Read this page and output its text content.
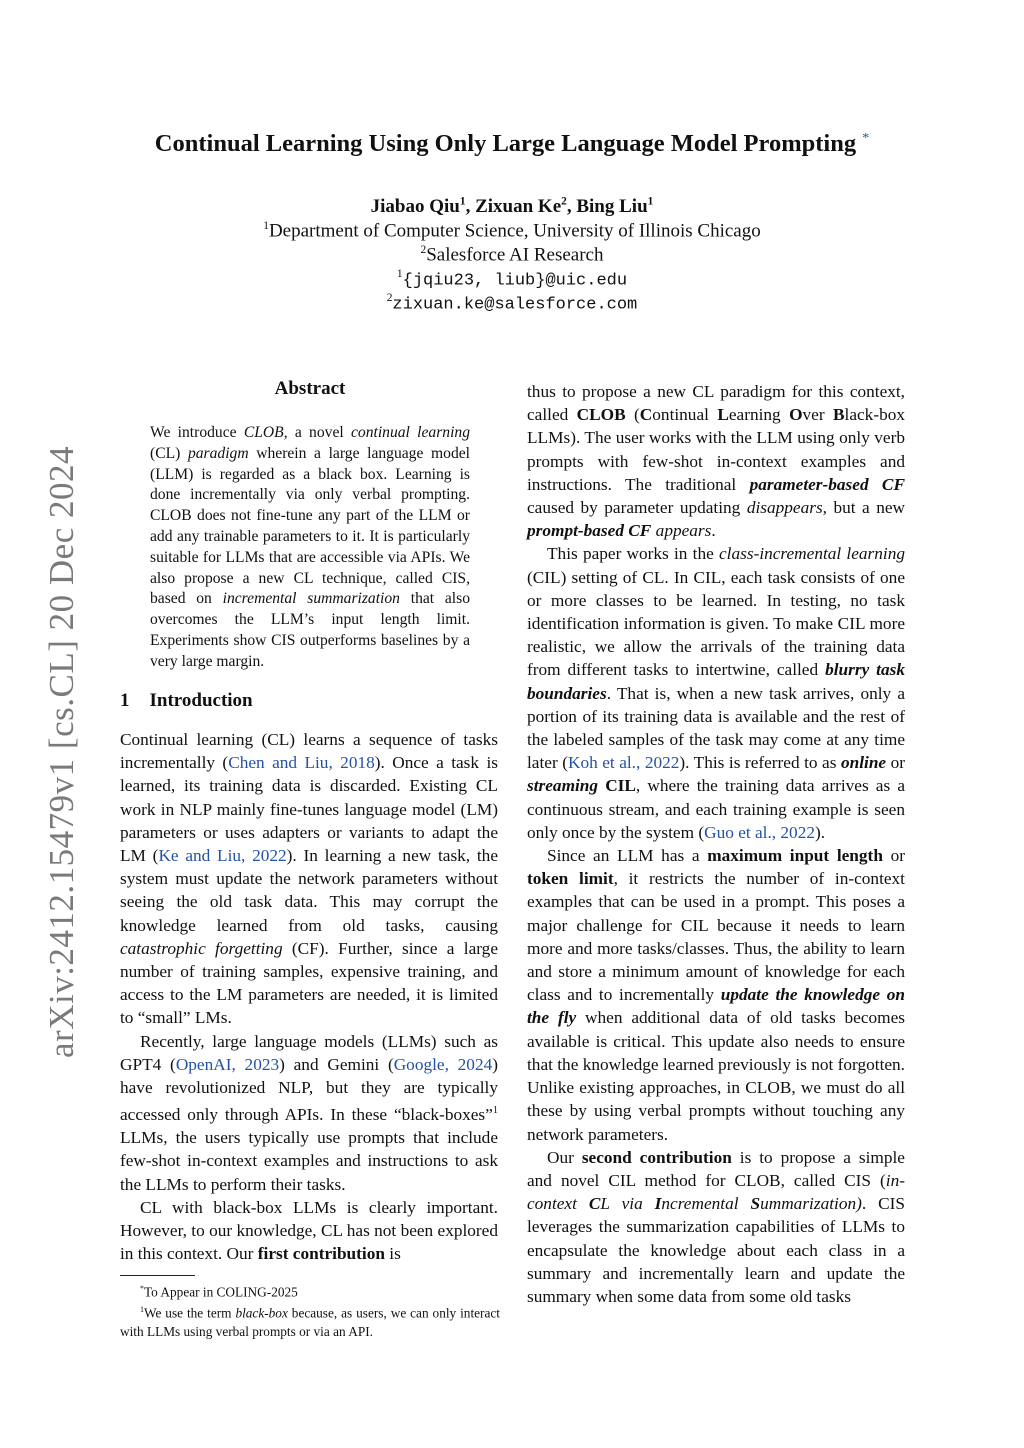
arXiv:2412.15479v1 [cs.CL] 20 Dec 2024
Continual Learning Using Only Large Language Model Prompting *
Jiabao Qiu$^1$, Zixuan Ke$^2$, Bing Liu$^1$
$^1$Department of Computer Science, University of Illinois Chicago
$^2$Salesforce AI Research
$^1${jqiu23, liub}@uic.edu
$^2$zixuan.ke@salesforce.com
Abstract

We introduce CLOB, a novel continual learning (CL) paradigm wherein a large language model (LLM) is regarded as a black box. Learning is done incrementally via only verbal prompting. CLOB does not fine-tune any part of the LLM or add any trainable parameters to it. It is particularly suitable for LLMs that are accessible via APIs. We also propose a new CL technique, called CIS, based on incremental summarization that also overcomes the LLM’s input length limit. Experiments show CIS outperforms baselines by a very large margin.

1 Introduction

Continual learning (CL) learns a sequence of tasks incrementally (Chen and Liu, 2018). Once a task is learned, its training data is discarded. Existing CL work in NLP mainly fine-tunes language model (LM) parameters or uses adapters or variants to adapt the LM (Ke and Liu, 2022). In learning a new task, the system must update the network parameters without seeing the old task data. This may corrupt the knowledge learned from old tasks, causing catastrophic forgetting (CF). Further, since a large number of training samples, expensive training, and access to the LM parameters are needed, it is limited to “small” LMs.

Recently, large language models (LLMs) such as GPT4 (OpenAI, 2023) and Gemini (Google, 2024) have revolutionized NLP, but they are typically accessed only through APIs. In these “black-boxes”$^1$ LLMs, the users typically use prompts that include few-shot in-context examples and instructions to ask the LLMs to perform their tasks.

CL with black-box LLMs is clearly important. However, to our knowledge, CL has not been explored in this context. Our first contribution is

*To Appear in COLING-2025

$^1$We use the term black-box because, as users, we can only interact with LLMs using verbal prompts or via an API.

thus to propose a new CL paradigm for this context, called CLOB (Continual Learning Over Black-box LLMs). The user works with the LLM using only verb prompts with few-shot in-context examples and instructions. The traditional parameter-based CF caused by parameter updating disappears, but a new prompt-based CF appears.

This paper works in the class-incremental learning (CIL) setting of CL. In CIL, each task consists of one or more classes to be learned. In testing, no task identification information is given. To make CIL more realistic, we allow the arrivals of the training data from different tasks to intertwine, called blurry task boundaries. That is, when a new task arrives, only a portion of its training data is available and the rest of the labeled samples of the task may come at any time later (Koh et al., 2022). This is referred to as online or streaming CIL, where the training data arrives as a continuous stream, and each training example is seen only once by the system (Guo et al., 2022).

Since an LLM has a maximum input length or token limit, it restricts the number of in-context examples that can be used in a prompt. This poses a major challenge for CIL because it needs to learn more and more tasks/classes. Thus, the ability to learn and store a minimum amount of knowledge for each class and to incrementally update the knowledge on the fly when additional data of old tasks becomes available is critical. This update also needs to ensure that the knowledge learned previously is not forgotten. Unlike existing approaches, in CLOB, we must do all these by using verbal prompts without touching any network parameters.

Our second contribution is to propose a simple and novel CIL method for CLOB, called CIS (in-context CL via Incremental Summarization). CIS leverages the summarization capabilities of LLMs to encapsulate the knowledge about each class in a summary and incrementally learn and update the summary when some data from some old tasks
